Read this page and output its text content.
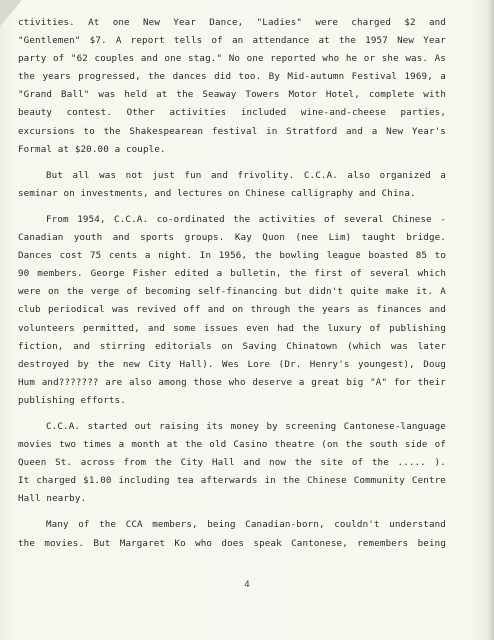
ctivities. At one New Year Dance, "Ladies" were charged $2 and
"Gentlemen" $7. A report tells of an attendance at the 1957 New Year
party of "62 couples and one stag." No one reported who he or she was. As
the years progressed, the dances did too. By Mid-autumn Festival 1969, a
"Grand Ball" was held at the Seaway Towers Motor Hotel, complete with
beauty contest. Other activities included wine-and-cheese parties,
excursions to the Shakespearean festival in Stratford and a New Year's
Formal at $20.00 a couple.
But all was not just fun and frivolity. C.C.A. also organized a
seminar on investments, and lectures on Chinese calligraphy and China.
From 1954, C.C.A. co-ordinated the activities of several Chinese -
Canadian youth and sports groups. Kay Quon (nee Lim) taught bridge.
Dances cost 75 cents a night. In 1956, the bowling league boasted 85 to
90 members. George Fisher edited a bulletin, the first of several which
were on the verge of becoming self-financing but didn't quite make it. A
club periodical was revived off and on through the years as finances and
volunteers permitted, and some issues even had the luxury of publishing
fiction, and stirring editorials on Saving Chinatown (which was later
destroyed by the new City Hall). Wes Lore (Dr. Henry's youngest), Doug
Hum and??????? are also among those who deserve a great big "A" for their
publishing efforts.
C.C.A. started out raising its money by screening Cantonese-language
movies two times a month at the old Casino theatre (on the south side of
Queen St. across from the City Hall and now the site of the ..... ).
It charged $1.00 including tea afterwards in the Chinese Community Centre
Hall nearby.
Many of the CCA members, being Canadian-born, couldn't understand
the movies. But Margaret Ko who does speak Cantonese, remembers being
4
